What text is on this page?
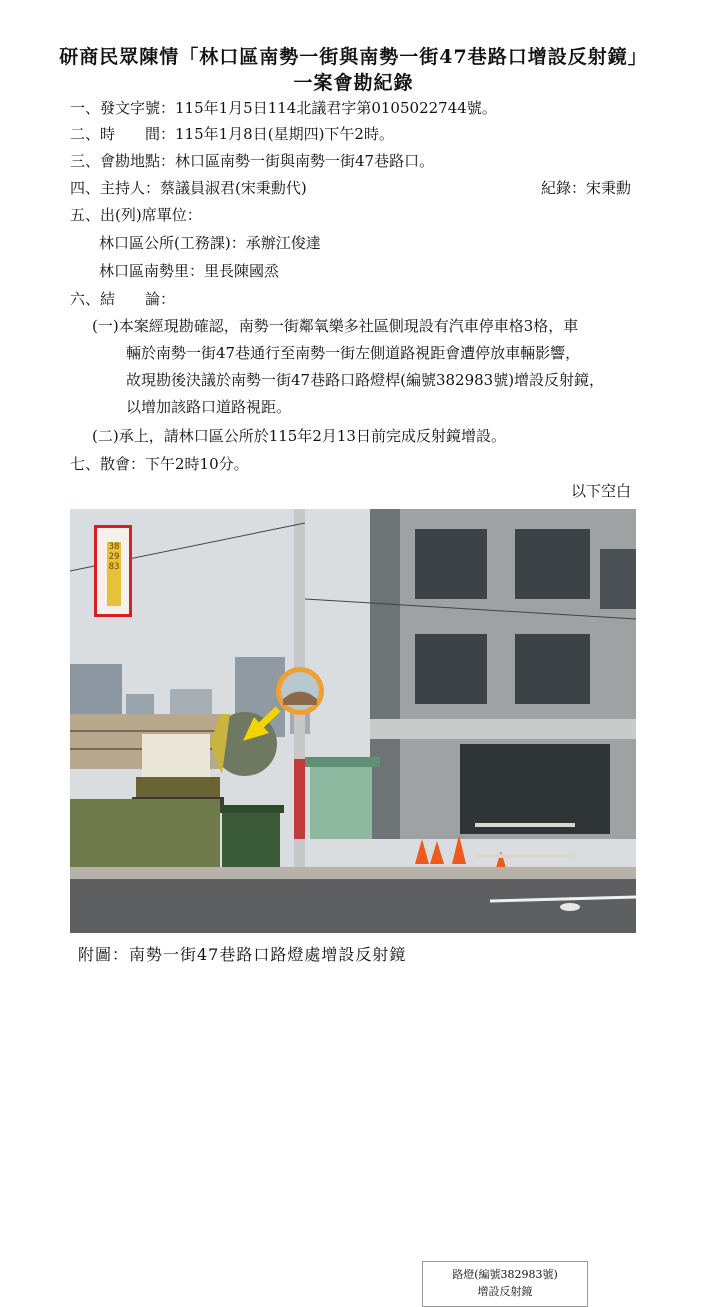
研商民眾陳情「林口區南勢一街與南勢一街47巷路口增設反射鏡」
一案會勘紀錄
一、發文字號：115年1月5日114北議君字第0105022744號。
二、時　　間：115年1月8日(星期四)下午2時。
三、會勘地點：林口區南勢一街與南勢一街47巷路口。
四、主持人：蔡議員淑君(宋秉勳代)	紀錄：宋秉勳
五、出(列)席單位：
林口區公所(工務課)：承辦江俊達
林口區南勢里：里長陳國烝
六、結　　論：
(一)本案經現勘確認，南勢一街鄰氧樂多社區側現設有汽車停車格3格，車
輛於南勢一街47巷通行至南勢一街左側道路視距會遭停放車輛影響，
故現勘後決議於南勢一街47巷路口路燈桿(編號382983號)增設反射鏡，
以增加該路口道路視距。
(二)承上，請林口區公所於115年2月13日前完成反射鏡增設。
七、散會：下午2時10分。
以下空白
路燈(編號382983號)
增設反射鏡
382983
附圖：南勢一街47巷路口路燈處增設反射鏡
